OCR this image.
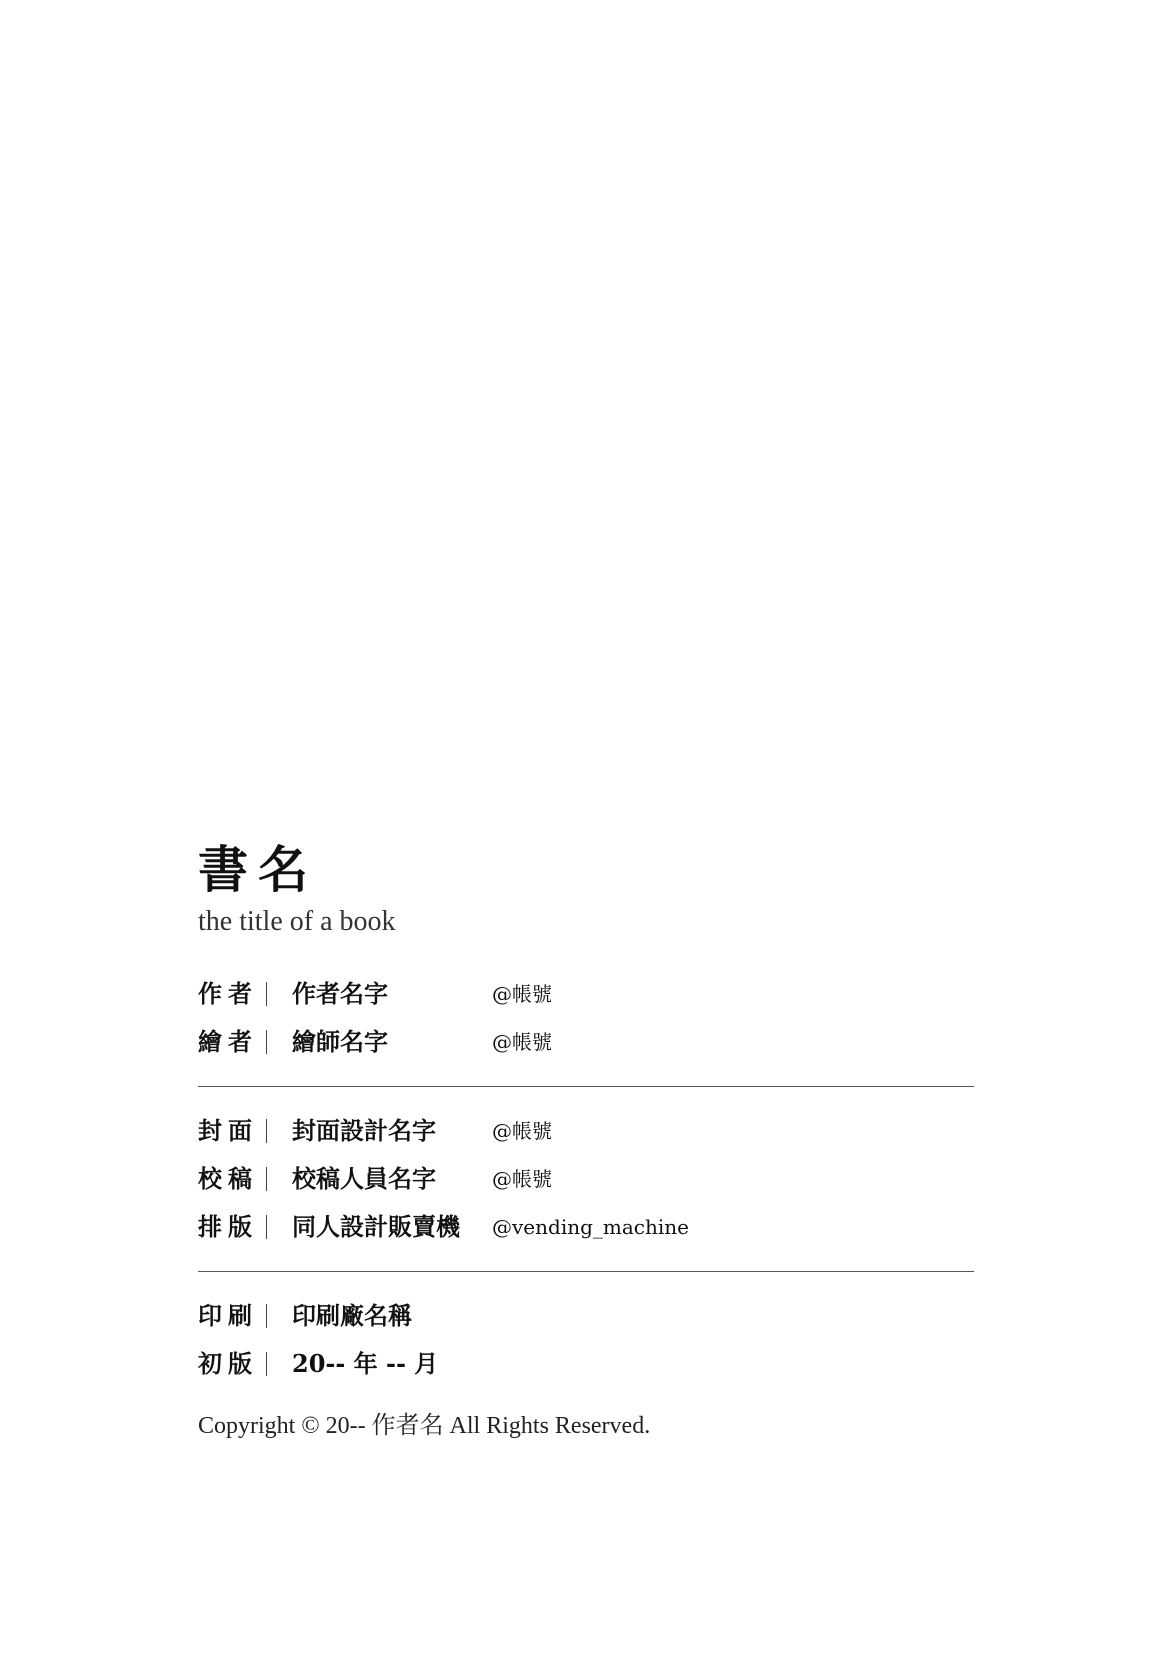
書名
the title of a book
作者 作者名字	@帳號
繪者 繪師名字	@帳號
封面 封面設計名字	@帳號
校稿 校稿人員名字	@帳號
排版 同人設計販賣機 @vending_machine
印刷 印刷廠名稱
初版 20-- 年 -- 月
Copyright © 20-- 作者名 All Rights Reserved.
